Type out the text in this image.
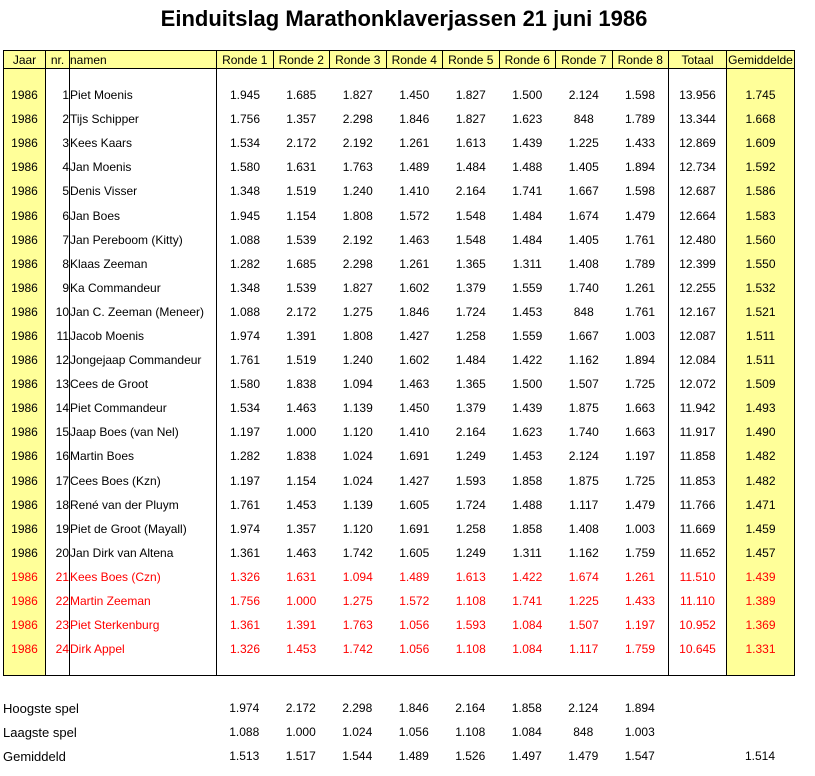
Einduitslag Marathonklaverjassen 21 juni 1986
Jaar	nr.	namen	Ronde 1	Ronde 2	Ronde 3	Ronde 4	Ronde 5	Ronde 6	Ronde 7	Ronde 8	Totaal	Gemiddelde

1986	1	Piet Moenis	1.945	1.685	1.827	1.450	1.827	1.500	2.124	1.598	13.956	1.745
1986	2	Tijs Schipper	1.756	1.357	2.298	1.846	1.827	1.623	848	1.789	13.344	1.668
1986	3	Kees Kaars	1.534	2.172	2.192	1.261	1.613	1.439	1.225	1.433	12.869	1.609
1986	4	Jan Moenis	1.580	1.631	1.763	1.489	1.484	1.488	1.405	1.894	12.734	1.592
1986	5	Denis Visser	1.348	1.519	1.240	1.410	2.164	1.741	1.667	1.598	12.687	1.586
1986	6	Jan Boes	1.945	1.154	1.808	1.572	1.548	1.484	1.674	1.479	12.664	1.583
1986	7	Jan Pereboom (Kitty)	1.088	1.539	2.192	1.463	1.548	1.484	1.405	1.761	12.480	1.560
1986	8	Klaas Zeeman	1.282	1.685	2.298	1.261	1.365	1.311	1.408	1.789	12.399	1.550
1986	9	Ka Commandeur	1.348	1.539	1.827	1.602	1.379	1.559	1.740	1.261	12.255	1.532
1986	10	Jan C. Zeeman (Meneer)	1.088	2.172	1.275	1.846	1.724	1.453	848	1.761	12.167	1.521
1986	11	Jacob Moenis	1.974	1.391	1.808	1.427	1.258	1.559	1.667	1.003	12.087	1.511
1986	12	Jongejaap Commandeur	1.761	1.519	1.240	1.602	1.484	1.422	1.162	1.894	12.084	1.511
1986	13	Cees de Groot	1.580	1.838	1.094	1.463	1.365	1.500	1.507	1.725	12.072	1.509
1986	14	Piet Commandeur	1.534	1.463	1.139	1.450	1.379	1.439	1.875	1.663	11.942	1.493
1986	15	Jaap Boes (van Nel)	1.197	1.000	1.120	1.410	2.164	1.623	1.740	1.663	11.917	1.490
1986	16	Martin Boes	1.282	1.838	1.024	1.691	1.249	1.453	2.124	1.197	11.858	1.482
1986	17	Cees Boes (Kzn)	1.197	1.154	1.024	1.427	1.593	1.858	1.875	1.725	11.853	1.482
1986	18	René van der Pluym	1.761	1.453	1.139	1.605	1.724	1.488	1.117	1.479	11.766	1.471
1986	19	Piet de Groot (Mayall)	1.974	1.357	1.120	1.691	1.258	1.858	1.408	1.003	11.669	1.459
1986	20	Jan Dirk van Altena	1.361	1.463	1.742	1.605	1.249	1.311	1.162	1.759	11.652	1.457
1986	21	Kees Boes (Czn)	1.326	1.631	1.094	1.489	1.613	1.422	1.674	1.261	11.510	1.439
1986	22	Martin Zeeman	1.756	1.000	1.275	1.572	1.108	1.741	1.225	1.433	11.110	1.389
1986	23	Piet Sterkenburg	1.361	1.391	1.763	1.056	1.593	1.084	1.507	1.197	10.952	1.369
1986	24	Dirk Appel	1.326	1.453	1.742	1.056	1.108	1.084	1.117	1.759	10.645	1.331

Hoogste spel	1.974	2.172	2.298	1.846	2.164	1.858	2.124	1.894		
Laagste spel	1.088	1.000	1.024	1.056	1.108	1.084	848	1.003		
Gemiddeld	1.513	1.517	1.544	1.489	1.526	1.497	1.479	1.547		1.514
